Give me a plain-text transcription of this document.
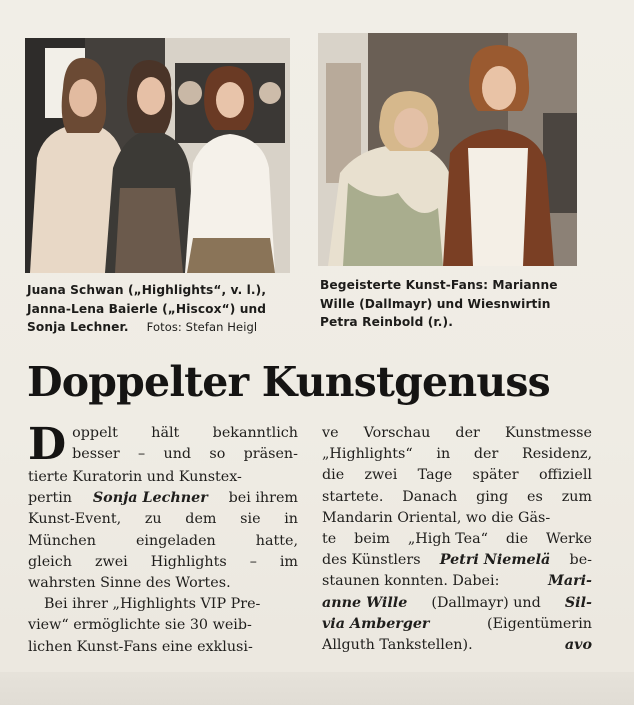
Juana Schwan („Highlights“, v. l.),
Janna-Lena Baierle („Hiscox“) und
Sonja Lechner. Fotos: Stefan Heigl
Begeisterte Kunst-Fans: Marianne
Wille (Dallmayr) und Wiesnwirtin
Petra Reinbold (r.).
Doppelter Kunstgenuss
D oppelt hält bekanntlich
besser – und so präsen-
tierte Kuratorin und Kunstex-
pertin Sonja Lechner bei ihrem
Kunst-Event, zu dem sie in
München	eingeladen	hatte,
gleich zwei Highlights – im
wahrsten Sinne des Wortes.
Bei ihrer „Highlights VIP Pre-
view“ ermöglichte sie 30 weib-
lichen Kunst-Fans eine exklusi-
ve Vorschau der Kunstmesse
„Highlights“ in der Residenz,
die zwei Tage später offiziell
startete. Danach ging es zum
Mandarin Oriental, wo die Gäs-
te beim „High Tea“ die Werke
des Künstlers Petri Niemelä be-
staunen konnten. Dabei:	Mari-
anne Wille (Dallmayr) und Sil-
via Amberger	(Eigentümerin
Allguth Tankstellen).	avo
